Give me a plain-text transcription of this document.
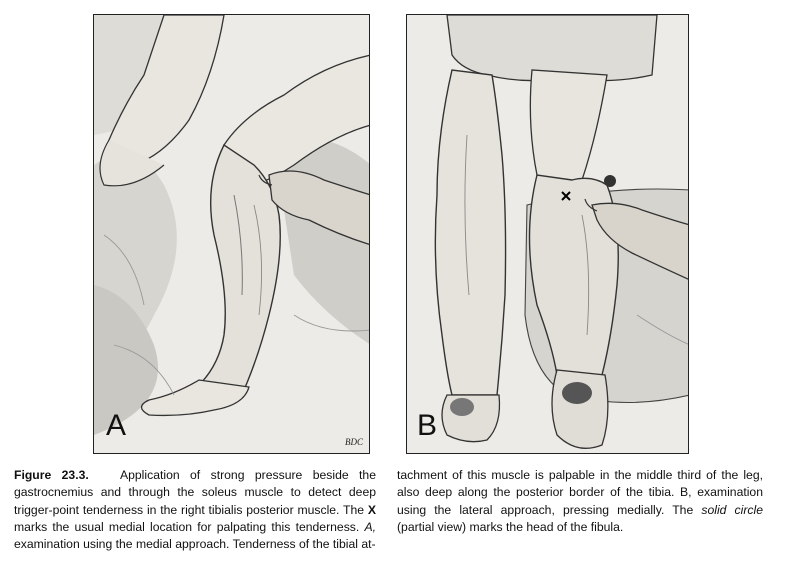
A	BDC B
Figure 23.3.	Application of strong pressure beside the gastrocnemius and through the soleus muscle to detect deep trigger-point tenderness in the right tibialis posterior muscle. The X marks the usual medial location for palpating this tenderness. A, examination using the medial approach. Tenderness of the tibial at-
tachment of this muscle is palpable in the middle third of the leg, also deep along the posterior border of the tibia. B, examination using the lateral approach, pressing medially. The solid circle (partial view) marks the head of the fibula.
